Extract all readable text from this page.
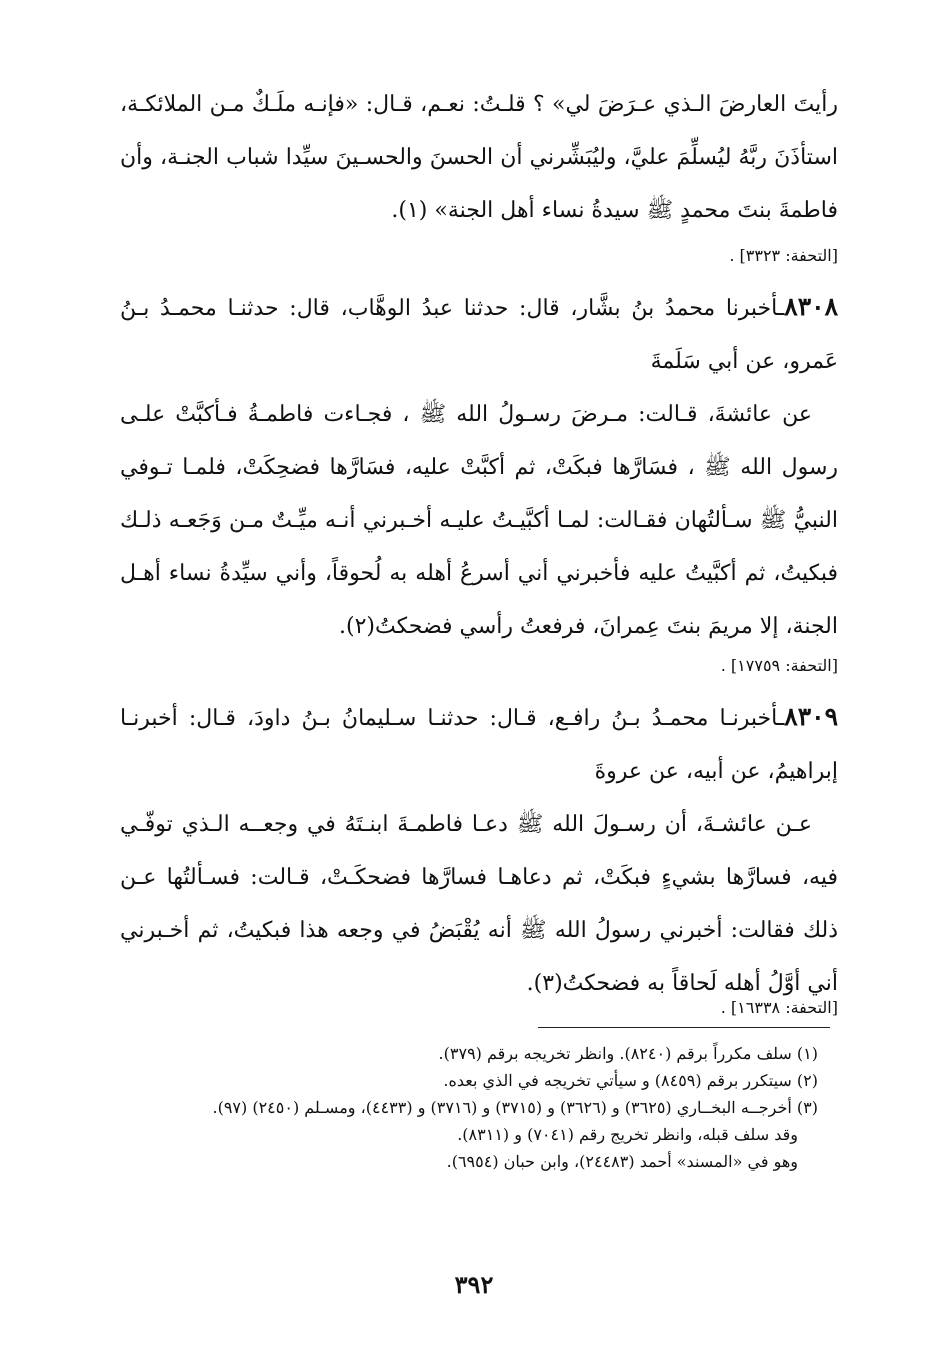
رأيتَ العارضَ الـذي عـرَضَ لي» ؟ قلـتُ: نعـم، قـال: «فإنـه ملَـكٌ مـن الملائكـة، استأذَنَ ربَّهُ ليُسلِّمَ عليَّ، وليُبَشِّرني أن الحسنَ والحسـينَ سيِّدا شباب الجنـة، وأن فاطمةَ بنتَ محمدٍ ﷺ سيدةُ نساء أهل الجنة» (١).

[التحفة: ٣٣٢٣] .

٨٣٠٨ـأخبرنا محمدُ بنُ بشَّار، قال: حدثنا عبدُ الوهَّاب، قال: حدثنـا محمـدُ بـنُ عَمرو، عن أبي سَلَمةَ

عن عائشةَ، قـالت: مـرضَ رسـولُ الله ﷺ ، فجـاءت فاطمـةُ فـأكبَّتْ علـى رسول الله ﷺ ، فسَارَّها فبكَتْ، ثم أكبَّتْ عليه، فسَارَّها فضحِكَتْ، فلمـا تـوفي النبيُّ ﷺ سـألتُهان فقـالت: لمـا أكبَّيـتُ عليـه أخـبرني أنـه ميِّـتٌ مـن وَجَعـه ذلـك فبكيتُ، ثم أكبَّيتُ عليه فأخبرني أني أسرعُ أهله به لُحوقاً، وأني سيِّدةُ نساء أهـل الجنة، إلا مريمَ بنتَ عِمرانَ، فرفعتُ رأسي فضحكتُ(٢).

[التحفة: ١٧٧٥٩] .

٨٣٠٩ـأخبرنـا محمـدُ بـنُ رافـع، قـال: حدثنـا سـليمانُ بـنُ داودَ، قـال: أخبرنـا إبراهيمُ، عن أبيه، عن عروةَ

عـن عائشـةَ، أن رسـولَ الله ﷺ دعـا فاطمـةَ ابنـتَهُ في وجعــه الـذي توفّـي فيه، فسارَّها بشيءٍ فبكَتْ، ثم دعاهـا فسارَّها فضحكَـتْ، قـالت: فسـألتُها عـن ذلك فقالت: أخبرني رسولُ الله ﷺ أنه يُقْبَضُ في وجعه هذا فبكيتُ، ثم أخـبرني أني أوَّلُ أهله لَحاقاً به فضحكتُ(٣).

[التحفة: ١٦٣٣٨] .

(١) سلف مكرراً برقم (٨٢٤٠). وانظر تخريجه برقم (٣٧٩).

(٢) سيتكرر برقم (٨٤٥٩) و سيأتي تخريجه في الذي بعده.

(٣) أخرجــه البخــاري (٣٦٢٥) و (٣٦٢٦) و (٣٧١٥) و (٣٧١٦) و (٤٤٣٣)، ومسـلم (٢٤٥٠) (٩٧).

وقد سلف قبله، وانظر تخريج رقم (٧٠٤١) و (٨٣١١).

وهو في «المسند» أحمد (٢٤٤٨٣)، وابن حبان (٦٩٥٤).

٣٩٢
